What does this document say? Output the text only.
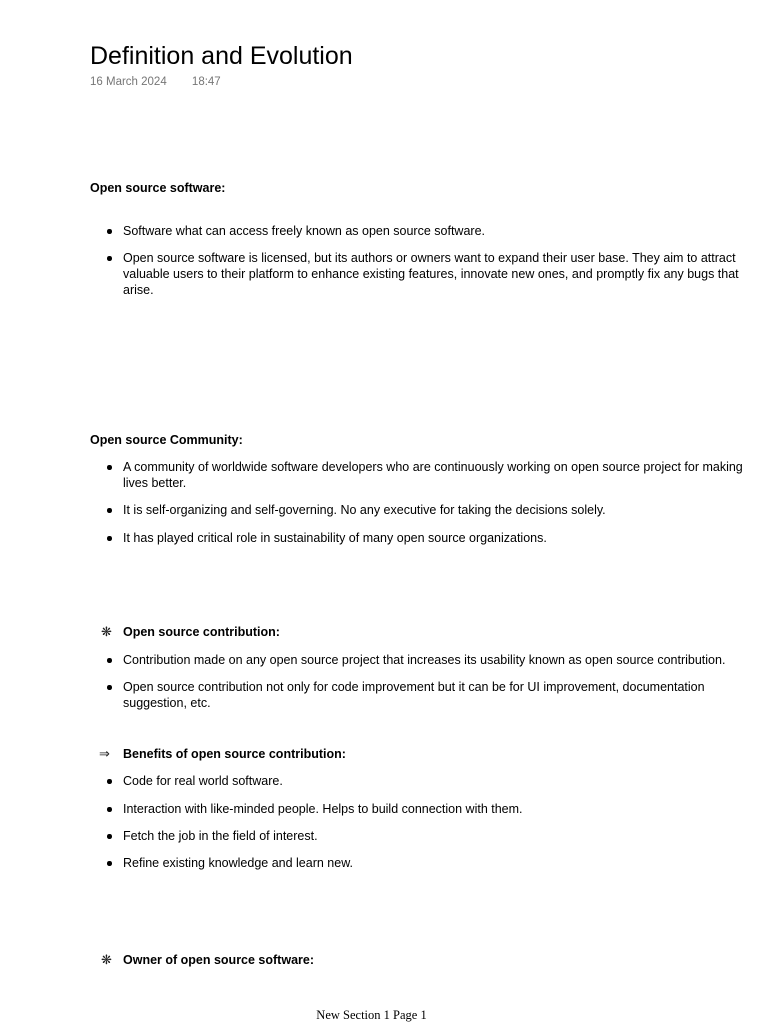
Definition and Evolution
16 March 2024 18:47
Open source software:
Software what can access freely known as open source software.
Open source software is licensed, but its authors or owners want to expand their user base. They aim to attract valuable users to their platform to enhance existing features, innovate new ones, and promptly fix any bugs that arise.
Open source Community:
A community of worldwide software developers who are continuously working on open source project for making lives better.
It is self-organizing and self-governing. No any executive for taking the decisions solely.
It has played critical role in sustainability of many open source organizations.
❋ Open source contribution:
Contribution made on any open source project that increases its usability known as open source contribution.
Open source contribution not only for code improvement but it can be for UI improvement, documentation suggestion, etc.
⇒ Benefits of open source contribution:
Code for real world software.
Interaction with like-minded people. Helps to build connection with them.
Fetch the job in the field of interest.
Refine existing knowledge and learn new.
❋ Owner of open source software:
New Section 1 Page 1
